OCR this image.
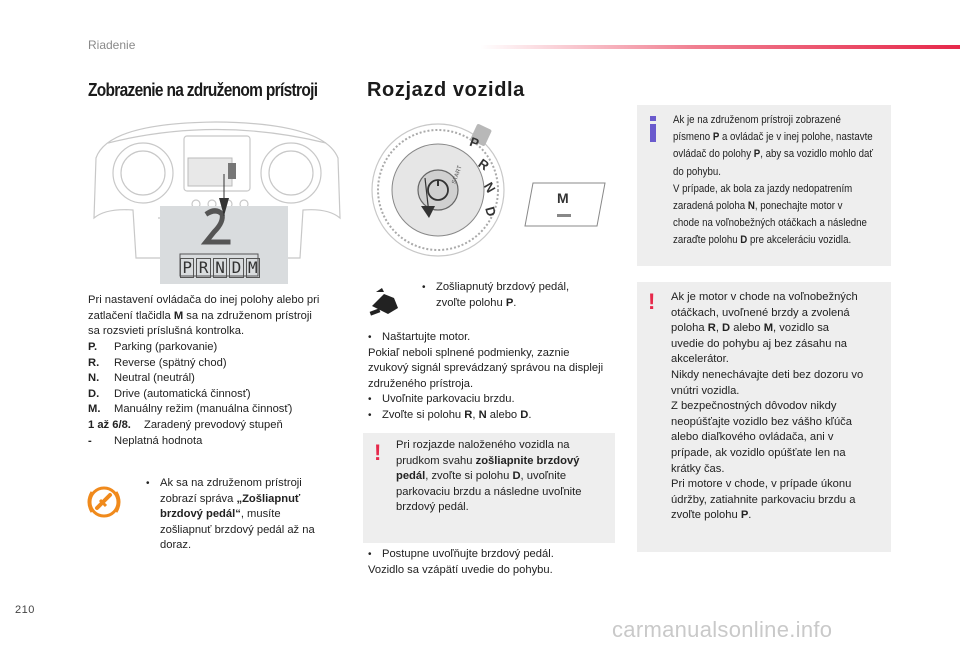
Riadenie
Zobrazenie na združenom prístroji
P R N D M
Pri nastavení ovládača do inej polohy alebo pri
zatlačení tlačidla M sa na združenom prístroji
sa rozsvieti príslušná kontrolka.
P.	Parking (parkovanie)
R.	Reverse (spätný chod)
N.	Neutral (neutrál)
D.	Drive (automatická činnosť)
M.	Manuálny režim (manuálna činnosť)
1 až 6/8.	Zaradený prevodový stupeň
-	Neplatná hodnota
• Ak sa na združenom prístroji
zobrazí správa „Zošliapnuť
brzdový pedál“, musíte
zošliapnuť brzdový pedál až na
doraz.
Rozjazd vozidla
P
R
N
D
START
M
• Zošliapnutý brzdový pedál,
zvoľte polohu P.
• Naštartujte motor.
Pokiaľ neboli splnené podmienky, zaznie
zvukový signál sprevádzaný správou na displeji
združeného prístroja.
• Uvoľnite parkovaciu brzdu.
• Zvoľte si polohu R, N alebo D.
! Pri rozjazde naloženého vozidla na
prudkom svahu zošliapnite brzdový
pedál, zvoľte si polohu D, uvoľnite
parkovaciu brzdu a následne uvoľnite
brzdový pedál.
• Postupne uvoľňujte brzdový pedál.
Vozidlo sa vzápätí uvedie do pohybu.
Ak je na združenom prístroji zobrazené
písmeno P a ovládač je v inej polohe, nastavte
ovládač do polohy P, aby sa vozidlo mohlo dať
do pohybu.
V prípade, ak bola za jazdy nedopatrením
zaradená poloha N, ponechajte motor v
chode na voľnobežných otáčkach a následne
zaraďte polohu D pre akceleráciu vozidla.
! Ak je motor v chode na voľnobežných
otáčkach, uvoľnené brzdy a zvolená
poloha R, D alebo M, vozidlo sa
uvedie do pohybu aj bez zásahu na
akcelerátor.
Nikdy nenechávajte deti bez dozoru vo
vnútri vozidla.
Z bezpečnostných dôvodov nikdy
neopúšťajte vozidlo bez vášho kľúča
alebo diaľkového ovládača, ani v
prípade, ak vozidlo opúšťate len na
krátky čas.
Pri motore v chode, v prípade úkonu
údržby, zatiahnite parkovaciu brzdu a
zvoľte polohu P.
210
carmanualsonline.info
